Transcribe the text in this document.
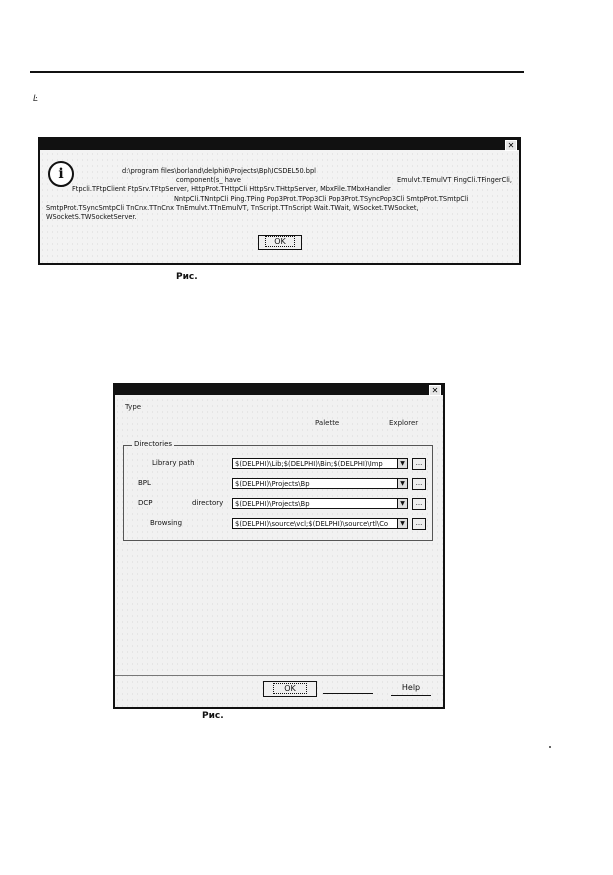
Ŀ
✕
i	d:\program files\borland\delphi6\Projects\Bpl\ICSDEL50.bpl
component(s_ have	Emulvt.TEmulVT FingCli.TFingerCli,
Ftpcli.TFtpClient FtpSrv.TFtpServer, HttpProt.THttpCli HttpSrv.THttpServer, MbxFile.TMbxHandler
NntpCli.TNntpCli Ping.TPing Pop3Prot.TPop3Cli Pop3Prot.TSyncPop3Cli SmtpProt.TSmtpCli
SmtpProt.TSyncSmtpCli TnCnx.TTnCnx TnEmulvt.TTnEmulVT, TnScript.TTnScript Wait.TWait, WSocket.TWSocket,
WSocketS.TWSocketServer.
OK
Рис.
✕
Type
Palette	Explorer
Directories
Library path	$(DELPHI)\Lib;$(DELPHI)\Bin;$(DELPHI)\Imp	▼	...
BPL	$(DELPHI)\Projects\Bp	▼	...
DCP	directory	$(DELPHI)\Projects\Bp	▼	...
Browsing	$(DELPHI)\source\vcl;$(DELPHI)\source\rtl\Co	▼	...
OK	Help
Рис.
